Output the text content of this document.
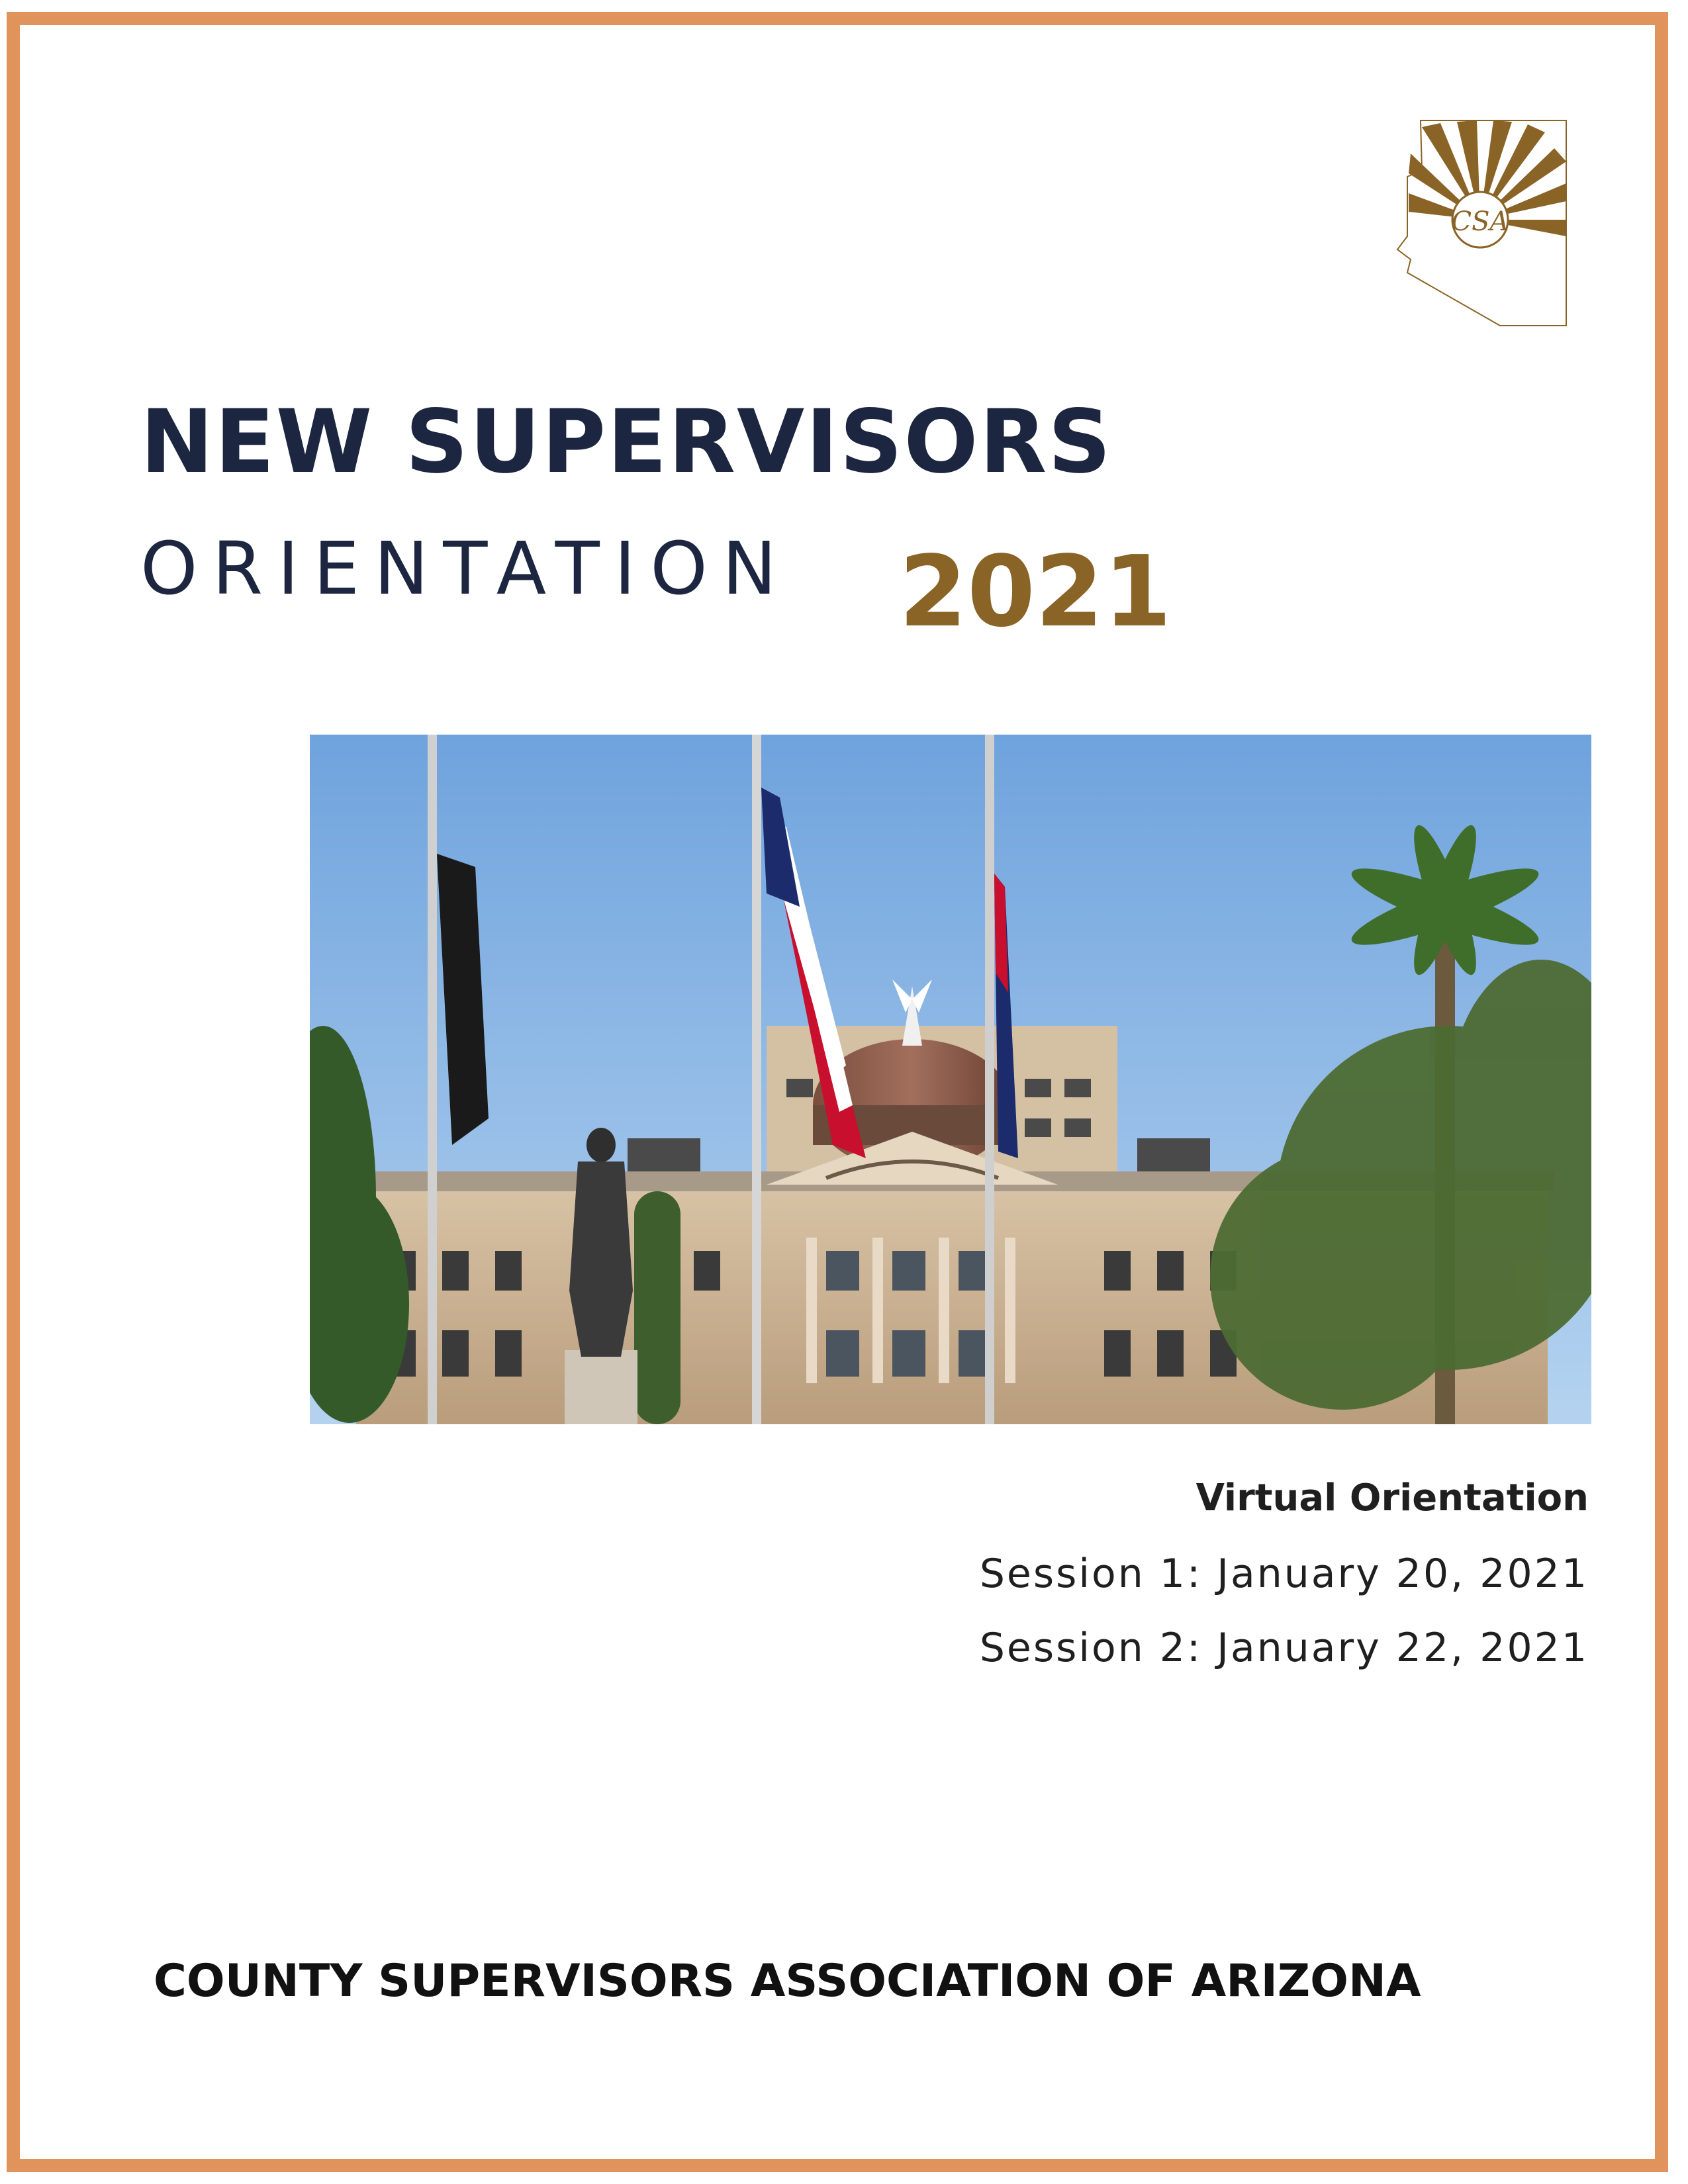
CSA
NEW SUPERVISORS
ORIENTATION 2021
Virtual Orientation
Session 1: January 20, 2021
Session 2: January 22, 2021
COUNTY SUPERVISORS ASSOCIATION OF ARIZONA
